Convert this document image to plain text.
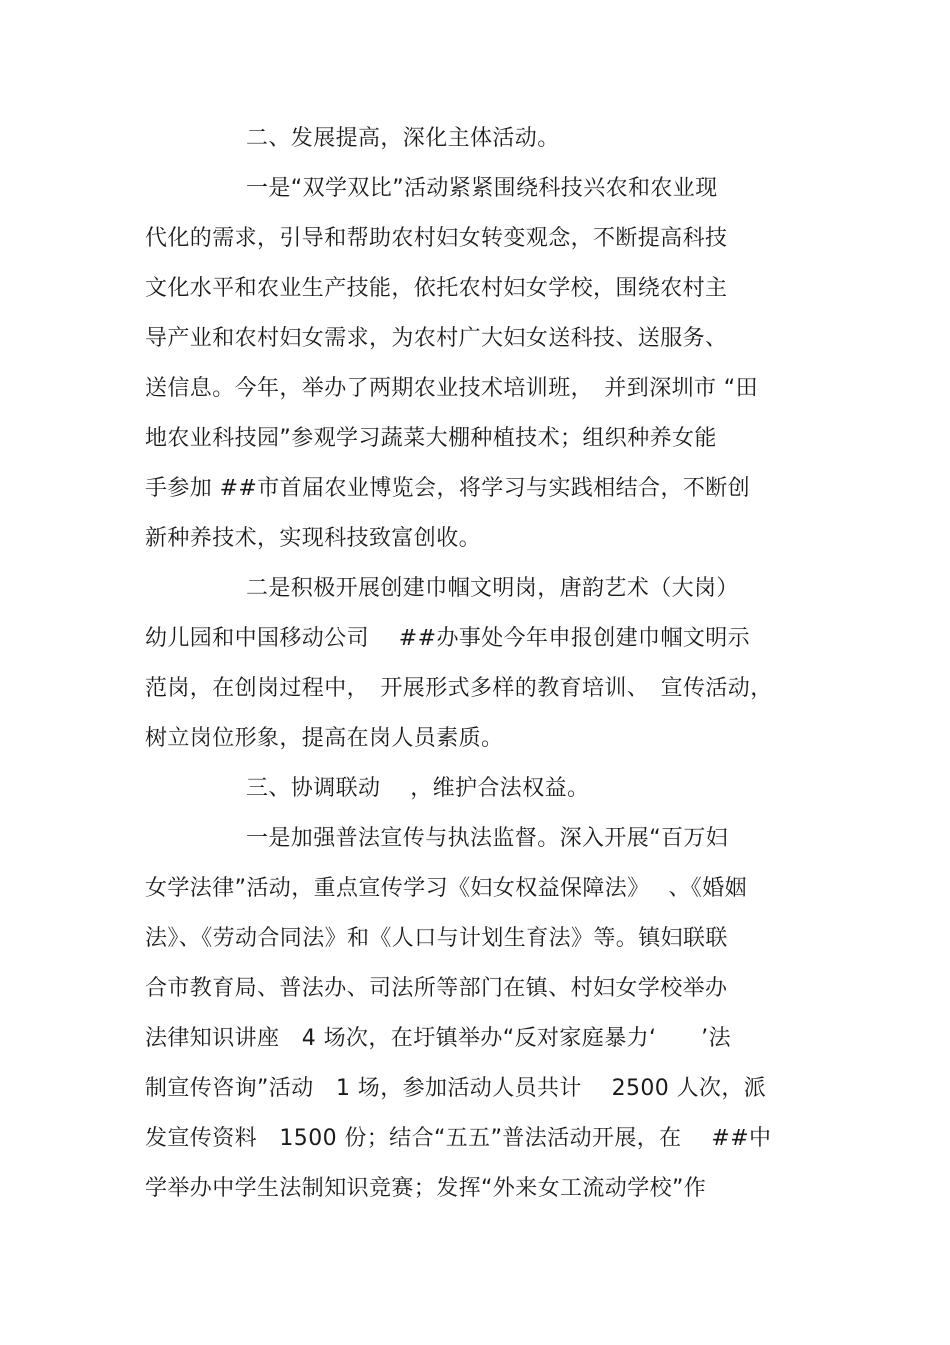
二、发展提高，深化主体活动。
一是“双学双比”活动紧紧围绕科技兴农和农业现
代化的需求，引导和帮助农村妇女转变观念，不断提高科技
文化水平和农业生产技能，依托农村妇女学校，围绕农村主
导产业和农村妇女需求，为农村广大妇女送科技、送服务、
送信息。今年，举办了两期农业技术培训班，　并到深圳市 “田
地农业科技园”参观学习蔬菜大棚种植技术；组织种养女能
手参加 ##市首届农业博览会，将学习与实践相结合，不断创
新种养技术，实现科技致富创收。
二是积极开展创建巾帼文明岗，唐韵艺术（大岗）
幼儿园和中国移动公司　 ##办事处今年申报创建巾帼文明示
范岗，在创岗过程中，　开展形式多样的教育培训、　宣传活动，
树立岗位形象，提高在岗人员素质。
三、协调联动　 ，维护合法权益。
一是加强普法宣传与执法监督。深入开展“百万妇
女学法律”活动，重点宣传学习《妇女权益保障法》　 、《婚姻
法》、《劳动合同法》和《人口与计划生育法》等。镇妇联联
合市教育局、普法办、司法所等部门在镇、村妇女学校举办
法律知识讲座　4 场次，在圩镇举办“反对家庭暴力‘　　’法
制宣传咨询”活动　1 场，参加活动人员共计　 2500 人次，派
发宣传资料　1500 份；结合“五五”普法活动开展，在　 ##中
学举办中学生法制知识竞赛；发挥“外来女工流动学校”作
